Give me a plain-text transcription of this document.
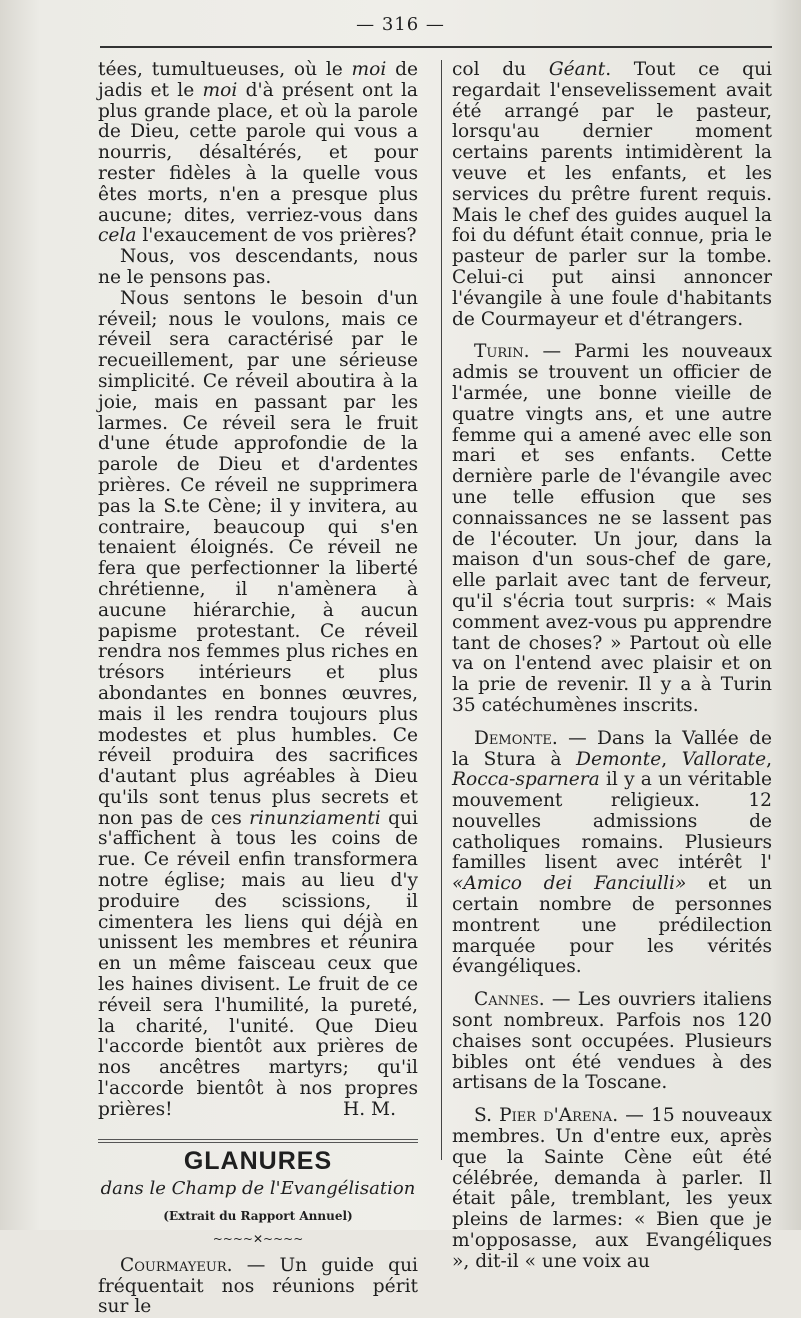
— 316 —

tées, tumultueuses, où le moi de jadis et le moi d'à présent ont la plus grande place, et où la parole de Dieu, cette parole qui vous a nourris, désaltérés, et pour rester fidèles à la quelle vous êtes morts, n'en a presque plus aucune; dites, verriez-vous dans cela l'exaucement de vos prières?

Nous, vos descendants, nous ne le pensons pas.

Nous sentons le besoin d'un réveil; nous le voulons, mais ce réveil sera caractérisé par le recueillement, par une sérieuse simplicité. Ce réveil aboutira à la joie, mais en passant par les larmes. Ce réveil sera le fruit d'une étude approfondie de la parole de Dieu et d'ardentes prières. Ce réveil ne supprimera pas la S.te Cène; il y invitera, au contraire, beaucoup qui s'en tenaient éloignés. Ce réveil ne fera que perfectionner la liberté chrétienne, il n'amènera à aucune hiérarchie, à aucun papisme protestant. Ce réveil rendra nos femmes plus riches en trésors intérieurs et plus abondantes en bonnes œuvres, mais il les rendra toujours plus modestes et plus humbles. Ce réveil produira des sacrifices d'autant plus agréables à Dieu qu'ils sont tenus plus secrets et non pas de ces rinunziamenti qui s'affichent à tous les coins de rue. Ce réveil enfin transformera notre église; mais au lieu d'y produire des scissions, il cimentera les liens qui déjà en unissent les membres et réunira en un même faisceau ceux que les haines divisent. Le fruit de ce réveil sera l'humilité, la pureté, la charité, l'unité. Que Dieu l'accorde bientôt aux prières de nos ancêtres martyrs; qu'il l'accorde bientôt à nos propres prières!	H. M.

GLANURES
dans le Champ de l'Evangélisation
(Extrait du Rapport Annuel)
~~~~✕~~~~

Courmayeur. — Un guide qui fréquentait nos réunions périt sur le

col du Géant. Tout ce qui regardait l'ensevelissement avait été arrangé par le pasteur, lorsqu'au dernier moment certains parents intimidèrent la veuve et les enfants, et les services du prêtre furent requis. Mais le chef des guides auquel la foi du défunt était connue, pria le pasteur de parler sur la tombe. Celui-ci put ainsi annoncer l'évangile à une foule d'habitants de Courmayeur et d'étrangers.

Turin. — Parmi les nouveaux admis se trouvent un officier de l'armée, une bonne vieille de quatre vingts ans, et une autre femme qui a amené avec elle son mari et ses enfants. Cette dernière parle de l'évangile avec une telle effusion que ses connaissances ne se lassent pas de l'écouter. Un jour, dans la maison d'un sous-chef de gare, elle parlait avec tant de ferveur, qu'il s'écria tout surpris: « Mais comment avez-vous pu apprendre tant de choses? » Partout où elle va on l'entend avec plaisir et on la prie de revenir. Il y a à Turin 35 catéchumènes inscrits.

Demonte. — Dans la Vallée de la Stura à Demonte, Vallorate, Rocca-sparnera il y a un véritable mouvement religieux. 12 nouvelles admissions de catholiques romains. Plusieurs familles lisent avec intérêt l' «Amico dei Fanciulli» et un certain nombre de personnes montrent une prédilection marquée pour les vérités évangéliques.

Cannes. — Les ouvriers italiens sont nombreux. Parfois nos 120 chaises sont occupées. Plusieurs bibles ont été vendues à des artisans de la Toscane.

S. Pier d'Arena. — 15 nouveaux membres. Un d'entre eux, après que la Sainte Cène eût été célébrée, demanda à parler. Il était pâle, tremblant, les yeux pleins de larmes: « Bien que je m'opposasse, aux Evangéliques », dit-il « une voix au
